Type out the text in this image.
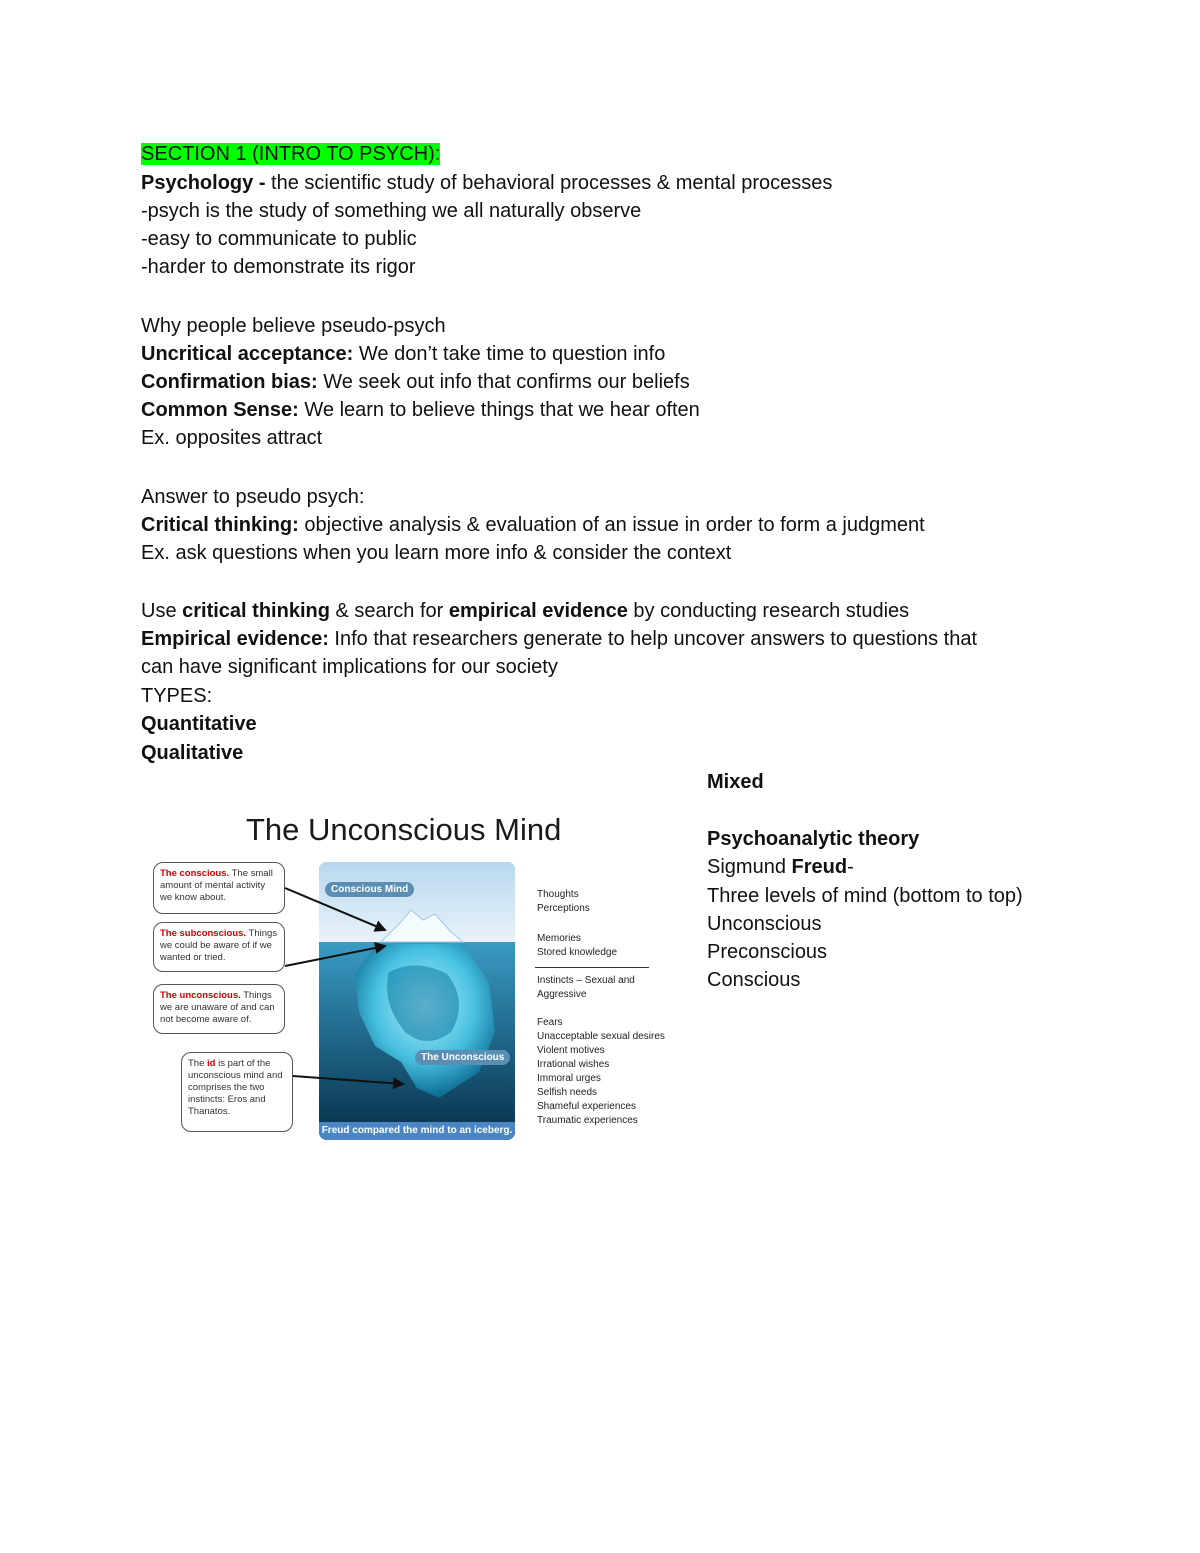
SECTION 1 (INTRO TO PSYCH):
Psychology - the scientific study of behavioral processes & mental processes
-psych is the study of something we all naturally observe
-easy to communicate to public
-harder to demonstrate its rigor
Why people believe pseudo-psych
Uncritical acceptance: We don’t take time to question info
Confirmation bias: We seek out info that confirms our beliefs
Common Sense: We learn to believe things that we hear often
Ex. opposites attract
Answer to pseudo psych:
Critical thinking: objective analysis & evaluation of an issue in order to form a judgment
Ex. ask questions when you learn more info & consider the context
Use critical thinking & search for empirical evidence by conducting research studies
Empirical evidence: Info that researchers generate to help uncover answers to questions that
can have significant implications for our society
TYPES:
Quantitative
Qualitative
Mixed
Psychoanalytic theory
Sigmund Freud-
Three levels of mind (bottom to top)
Unconscious
Preconscious
Conscious
The Unconscious Mind
The conscious. The small amount of mental activity we know about.
The subconscious. Things we could be aware of if we wanted or tried.
The unconscious. Things we are unaware of and can not become aware of.
The id is part of the unconscious mind and comprises the two instincts: Eros and Thanatos.
Conscious Mind
The Unconscious
Freud compared the mind to an iceberg.
Thoughts
Perceptions
Memories
Stored knowledge
Instincts – Sexual and
Aggressive
Fears
Unacceptable sexual desires
Violent motives
Irrational wishes
Immoral urges
Selfish needs
Shameful experiences
Traumatic experiences
